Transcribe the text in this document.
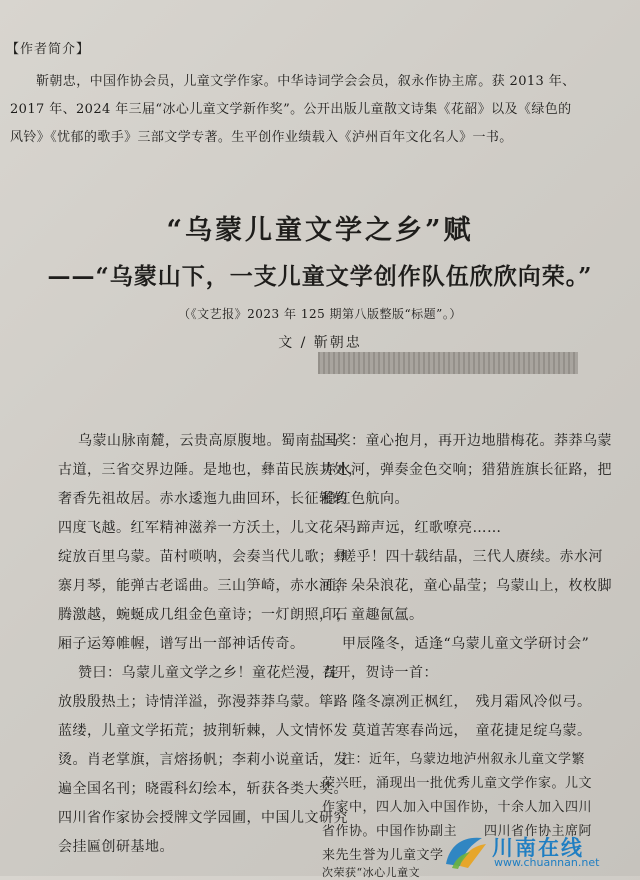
【作者简介】
靳朝忠，中国作协会员，儿童文学作家。中华诗词学会会员，叙永作协主席。获 2013 年、
2017 年、2024 年三届“冰心儿童文学新作奖”。公开出版儿童散文诗集《花韶》以及《绿色的
风铃》《忧郁的歌手》三部文学专著。生平创作业绩载入《泸州百年文化名人》一书。
“乌蒙儿童文学之乡”赋
——“乌蒙山下，一支儿童文学创作队伍欣欣向荣。”
（《文艺报》2023 年 125 期第八版整版“标题”。）
文 / 靳朝忠
乌蒙山脉南麓，云贵高原腹地。蜀南盐马
古道，三省交界边陲。是地也，彝苗民族共处，
奢香先祖故居。赤水逶迤九曲回环，长征辗转
四度飞越。红军精神滋养一方沃土，儿文花朵
绽放百里乌蒙。苗村唢呐，会奏当代儿歌；彝
寨月琴，能弹古老谣曲。三山笋崎，赤水河奔
腾激越，蜿蜒成几组金色童诗；一灯朗照，石
厢子运筹帷幄，谱写出一部神话传奇。
赞曰：乌蒙儿童文学之乡！童花烂漫，绽
放殷殷热土；诗情洋溢，弥漫莽莽乌蒙。筚路
蓝缕，儿童文学拓荒；披荆斩棘，人文情怀发
烫。肖老掌旗，言熔扬帆；李莉小说童话，发
遍全国名刊；晓霞科幻绘本，斩获各类大奖。
四川省作家协会授牌文学园圃，中国儿文研究
会挂匾创研基地。
国奖：童心抱月，再开边地腊梅花。莽莽乌蒙
赤水河，弹奏金色交响；猎猎旌旗长征路，把
稳红色航向。
马蹄声远，红歌嘹亮……
嗟乎！四十载结晶，三代人赓续。赤水河
面，朵朵浪花，童心晶莹；乌蒙山上，枚枚脚
印，童趣氤氲。
甲辰隆冬，适逢“乌蒙儿童文学研讨会”
召开，贺诗一首：
隆冬凛冽正枫红，　残月霜风冷似弓。
莫道苦寒春尚远，　童花捷足绽乌蒙。
注：近年，乌蒙边地泸州叙永儿童文学繁
荣兴旺，涌现出一批优秀儿童文学作家。儿文
作家中，四人加入中国作协，十余人加入四川
省作协。中国作协副主　　四川省作协主席阿
来先生誉为儿童文学
次荣获“冰心儿童文
川南在线
www.chuannan.net
